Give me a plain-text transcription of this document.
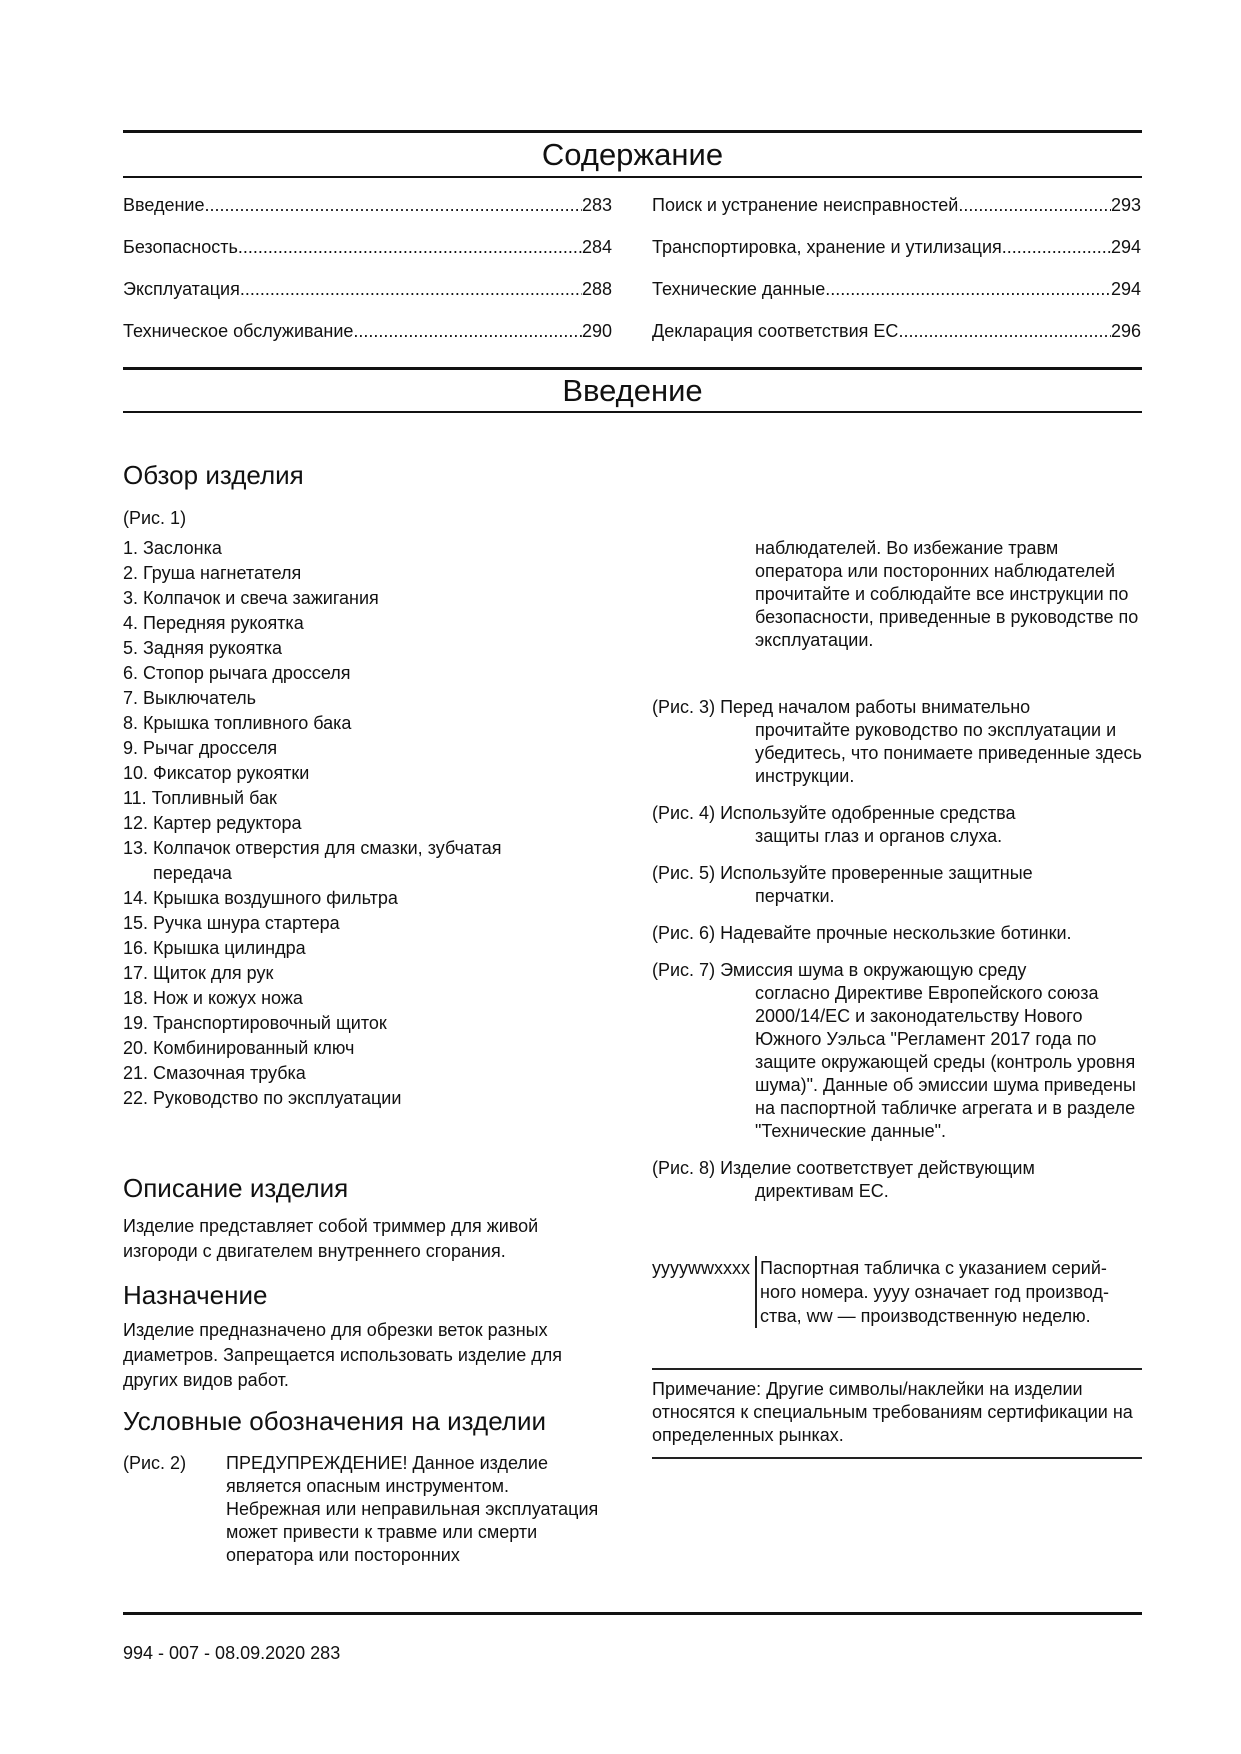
Содержание
Введение .....	283
Безопасность .....	284
Эксплуатация .....	288
Техническое обслуживание .....	290
Поиск и устранение неисправностей .....	293
Транспортировка, хранение и утилизация .....	294
Технические данные .....	294
Декларация соответствия ЕС .....	296
Введение
Обзор изделия
(Рис. 1)
1.
Заслонка
2.
Груша нагнетателя
3.
Колпачок и свеча зажигания
4.
Передняя рукоятка
5.
Задняя рукоятка
6.
Стопор рычага дросселя
7.
Выключатель
8.
Крышка топливного бака
9.
Рычаг дросселя
10.
Фиксатор рукоятки
11.
Топливный бак
12.
Картер редуктора
13.
Колпачок отверстия для смазки, зубчатая передача
14.
Крышка воздушного фильтра
15.
Ручка шнура стартера
16.
Крышка цилиндра
17.
Щиток для рук
18.
Нож и кожух ножа
19.
Транспортировочный щиток
20.
Комбинированный ключ
21.
Смазочная трубка
22.
Руководство по эксплуатации
Описание изделия
Изделие представляет собой триммер для живой изгороди с двигателем внутреннего сгорания.
Назначение
Изделие предназначено для обрезки веток разных диаметров. Запрещается использовать изделие для других видов работ.
Условные обозначения на изделии
(Рис. 2)	ПРЕДУПРЕЖДЕНИЕ! Данное изделие является опасным инструментом. Небрежная или неправильная эксплуатация может привести к травме или смерти оператора или посторонних
наблюдателей. Во избежание травм оператора или посторонних наблюдателей прочитайте и соблюдайте все инструкции по безопасности, приведенные в руководстве по эксплуатации.
(Рис. 3) Перед началом работы внимательно
прочитайте руководство по эксплуатации и убедитесь, что понимаете приведенные здесь инструкции.
(Рис. 4) Используйте одобренные средства
защиты глаз и органов слуха.
(Рис. 5) Используйте проверенные защитные
перчатки.
(Рис. 6) Надевайте прочные нескользкие ботинки.
(Рис. 7) Эмиссия шума в окружающую среду
согласно Директиве Европейского союза 2000/14/EC и законодательству Нового Южного Уэльса "Регламент 2017 года по защите окружающей среды (контроль уровня шума)". Данные об эмиссии шума приведены на паспортной табличке агрегата и в разделе "Технические данные".
(Рис. 8) Изделие соответствует действующим
директивам ЕС.
yyyywwxxxx Паспортная табличка с указанием серий-ного номера. yyyy означает год производ-ства, ww — производственную неделю.
Примечание: Другие символы/наклейки на изделии относятся к специальным требованиям сертификации на определенных рынках.
994 - 007 - 08.09.2020 283
